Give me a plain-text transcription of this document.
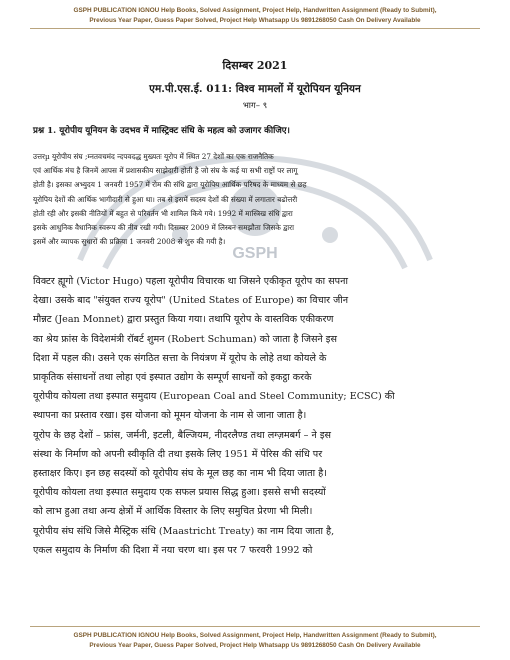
GSPH PUBLICATION IGNOU Help Books, Solved Assignment, Project Help, Handwritten Assignment (Ready to Submit),
Previous Year Paper, Guess Paper Solved, Project Help Whatsapp Us 9891268050 Cash On Delivery Available
GSPH
दिसम्बर 2021
एम.पी.एस.ई. 011: विश्व मामलों में यूरोपियन यूनियन
भाग– ९
प्रश्न 1. यूरोपीय यूनियन के उदभव में मास्ट्रिक्ट संधि के महत्व को उजागर कीजिए।
उत्तरµ यूरोपीय संघ ;म्नतवचमंद न्दपवदद्ध मुख्यतः यूरोप में स्थित 27 देशों का एक राजनैतिक
एवं आर्थिक मंच है जिनमें आपस में प्रशासकीय साझेदारी होती है जो संघ के कई या सभी राष्ट्रों पर लागू
होती है। इसका अभ्युदय 1 जनवरी 1957 में रोम की संधि द्वारा यूरोपिय आर्थिक परिषद के माध्यम से छह
यूरोपिय देशों की आर्थिक भागीदारी से हुआ था। तब से इसमें सदस्य देशों की संख्या में लगातार बढोत्तरी
होती रही और इसकी नीतियों में बहुत से परिवर्तन भी शामिल किये गये। 1992 में मास्त्रिख संधि द्वारा
इसके आधुनिक वैधानिक स्वरूप की नीव रखी गयी। दिसम्बर 2009 में लिस्बन समझौता जिसके द्वारा
इसमें और व्यापक सुधारों की प्रक्रिया 1 जनवरी 2008 से शुरु की गयी है।
विक्टर ह्यूगो (Victor Hugo) पहला यूरोपीय विचारक था जिसने एकीकृत यूरोप का सपना
देखा। उसके बाद "संयुक्त राज्य यूरोप" (United States of Europe) का विचार जीन
मौन्नट (Jean Monnet) द्वारा प्रस्तुत किया गया। तथापि यूरोप के वास्तविक एकीकरण
का श्रेय फ्रांस के विदेशमंत्री रॉबर्ट शुमन (Robert Schuman) को जाता है जिसने इस
दिशा में पहल की। उसने एक संगठित सत्ता के नियंत्रण में यूरोप के लोहे तथा कोयले के
प्राकृतिक संसाधनों तथा लोहा एवं इस्पात उद्योग के सम्पूर्ण साधनों को इकट्ठा करके
यूरोपीय कोयला तथा इस्पात समुदाय (European Coal and Steel Community; ECSC) की
स्थापना का प्रस्ताव रखा। इस योजना को मूमन योजना के नाम से जाना जाता है।
यूरोप के छह देशों – फ्रांस, जर्मनी, इटली, बैल्जियम, नीदरलैण्ड तथा लग्ज़मबर्ग – ने इस
संस्था के निर्माण को अपनी स्वीकृति दी तथा इसके लिए 1951 में पेरिस की संधि पर
हस्ताक्षर किए। इन छह सदस्यों को यूरोपीय संघ के मूल छह का नाम भी दिया जाता है।
यूरोपीय कोयला तथा इस्पात समुदाय एक सफल प्रयास सिद्ध हुआ। इससे सभी सदस्यों
को लाभ हुआ तथा अन्य क्षेत्रों में आर्थिक विस्तार के लिए समुचित प्रेरणा भी मिली।
यूरोपीय संघ संधि जिसे मैस्ट्रिक संधि (Maastricht Treaty) का नाम दिया जाता है,
एकल समुदाय के निर्माण की दिशा में नया चरण था। इस पर 7 फरवरी 1992 को
GSPH PUBLICATION IGNOU Help Books, Solved Assignment, Project Help, Handwritten Assignment (Ready to Submit),
Previous Year Paper, Guess Paper Solved, Project Help Whatsapp Us 9891268050 Cash On Delivery Available
